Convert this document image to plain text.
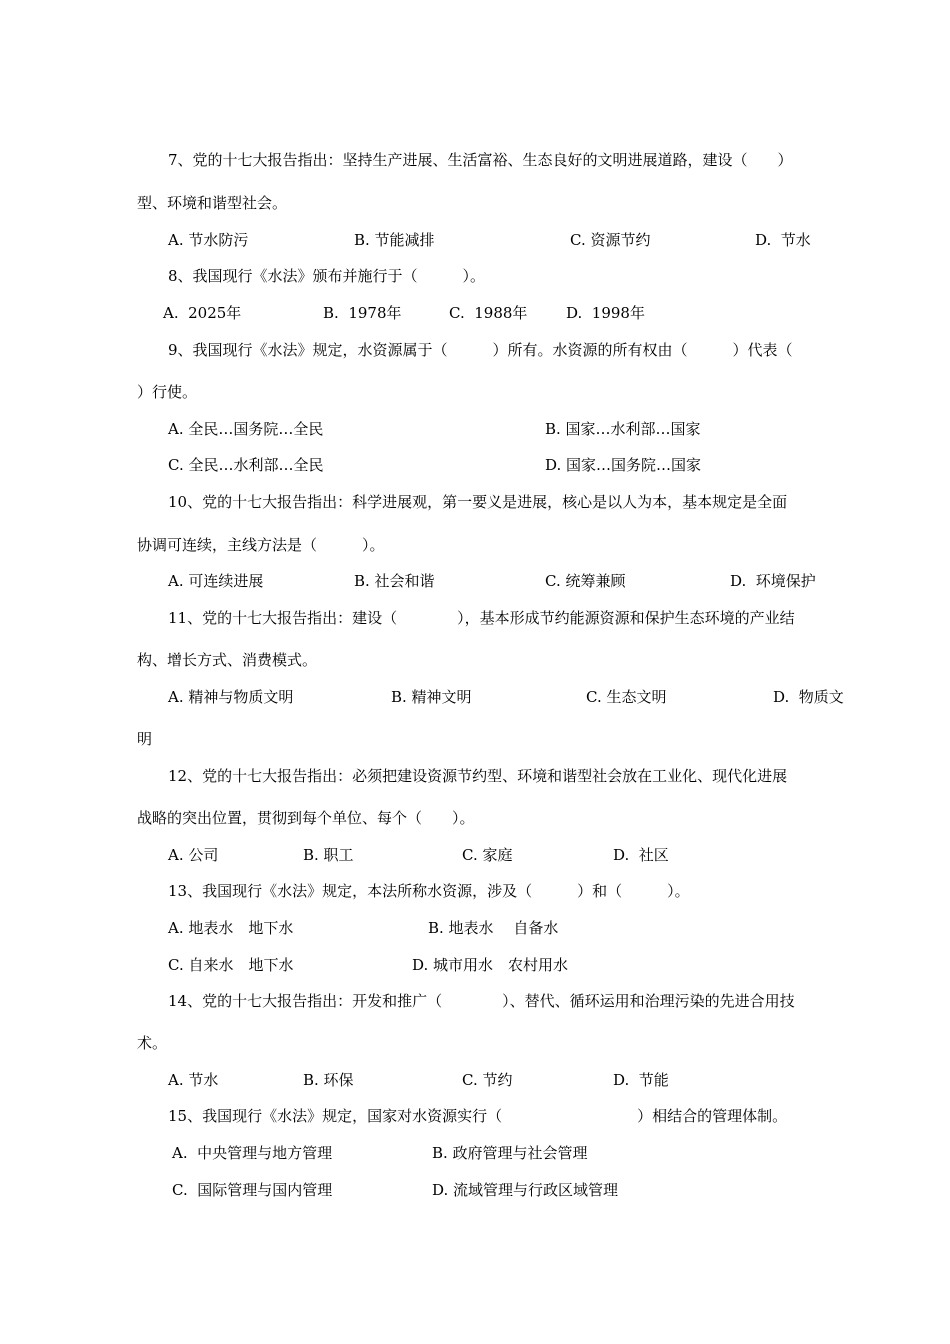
7、党的十七大报告指出：坚持生产进展、生活富裕、生态良好的文明进展道路，建设（　　）
型、环境和谐型社会。
A. 节水防污	B. 节能减排	C. 资源节约	D.  节水
8、我国现行《水法》颁布并施行于（　　　）。
A.  2025年	B.  1978年	C.  1988年	D.  1998年
9、我国现行《水法》规定，水资源属于（　　　）所有。水资源的所有权由（　　　）代表（
）行使。
A. 全民…国务院…全民	B. 国家…水利部…国家
C. 全民…水利部…全民	D. 国家…国务院…国家
10、党的十七大报告指出：科学进展观，第一要义是进展，核心是以人为本，基本规定是全面
协调可连续，主线方法是（　　　）。
A. 可连续进展	B. 社会和谐	C. 统筹兼顾	D.  环境保护
11、党的十七大报告指出：建设（　　　　），基本形成节约能源资源和保护生态环境的产业结
构、增长方式、消费模式。
A. 精神与物质文明	B. 精神文明	C. 生态文明	D.  物质文
明
12、党的十七大报告指出：必须把建设资源节约型、环境和谐型社会放在工业化、现代化进展
战略的突出位置，贯彻到每个单位、每个（　　）。
A. 公司	B. 职工	C. 家庭	D.  社区
13、我国现行《水法》规定，本法所称水资源，涉及（　　　）和（　　　）。
A. 地表水　地下水	B. 地表水　 自备水
C. 自来水　地下水	D. 城市用水　农村用水
14、党的十七大报告指出：开发和推广（　　　　）、替代、循环运用和治理污染的先进合用技
术。
A. 节水	B. 环保	C. 节约	D.  节能
15、我国现行《水法》规定，国家对水资源实行（　　　　　　　　　）相结合的管理体制。
A.  中央管理与地方管理	B. 政府管理与社会管理
C.  国际管理与国内管理	D. 流域管理与行政区域管理
